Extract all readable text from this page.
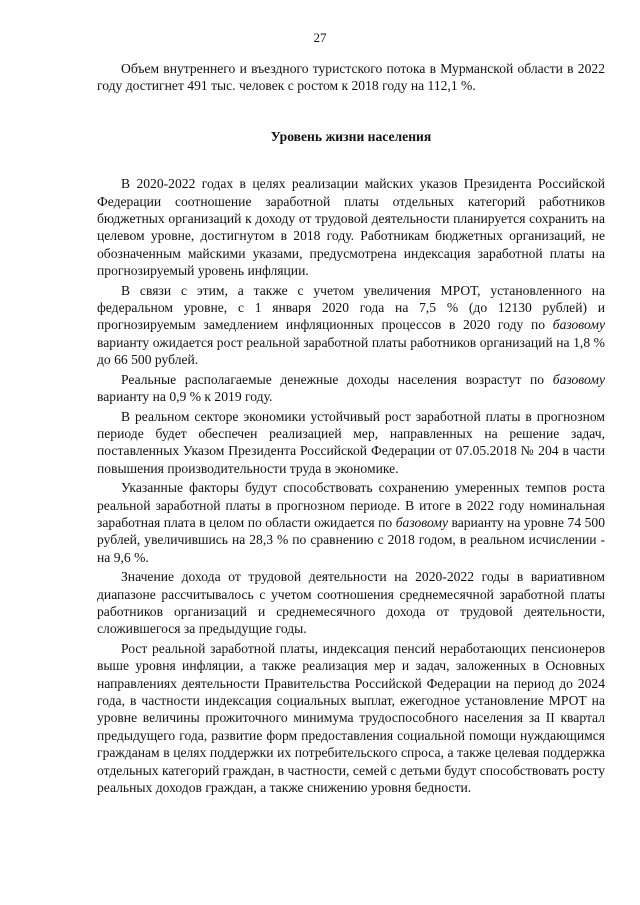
27

Объем внутреннего и въездного туристского потока в Мурманской области в 2022 году достигнет 491 тыс. человек с ростом к 2018 году на 112,1 %.

Уровень жизни населения

В 2020-2022 годах в целях реализации майских указов Президента Российской Федерации соотношение заработной платы отдельных категорий работников бюджетных организаций к доходу от трудовой деятельности планируется сохранить на целевом уровне, достигнутом в 2018 году. Работникам бюджетных организаций, не обозначенным майскими указами, предусмотрена индексация заработной платы на прогнозируемый уровень инфляции.

В связи с этим, а также с учетом увеличения МРОТ, установленного на федеральном уровне, с 1 января 2020 года на 7,5 % (до 12130 рублей) и прогнозируемым замедлением инфляционных процессов в 2020 году по базовому варианту ожидается рост реальной заработной платы работников организаций на 1,8 % до 66 500 рублей.

Реальные располагаемые денежные доходы населения возрастут по базовому варианту на 0,9 % к 2019 году.

В реальном секторе экономики устойчивый рост заработной платы в прогнозном периоде будет обеспечен реализацией мер, направленных на решение задач, поставленных Указом Президента Российской Федерации от 07.05.2018 № 204 в части повышения производительности труда в экономике.

Указанные факторы будут способствовать сохранению умеренных темпов роста реальной заработной платы в прогнозном периоде. В итоге в 2022 году номинальная заработная плата в целом по области ожидается по базовому варианту на уровне 74 500 рублей, увеличившись на 28,3 % по сравнению с 2018 годом, в реальном исчислении - на 9,6 %.

Значение дохода от трудовой деятельности на 2020-2022 годы в вариативном диапазоне рассчитывалось с учетом соотношения среднемесячной заработной платы работников организаций и среднемесячного дохода от трудовой деятельности, сложившегося за предыдущие годы.

Рост реальной заработной платы, индексация пенсий неработающих пенсионеров выше уровня инфляции, а также реализация мер и задач, заложенных в Основных направлениях деятельности Правительства Российской Федерации на период до 2024 года, в частности индексация социальных выплат, ежегодное установление МРОТ на уровне величины прожиточного минимума трудоспособного населения за II квартал предыдущего года, развитие форм предоставления социальной помощи нуждающимся гражданам в целях поддержки их потребительского спроса, а также целевая поддержка отдельных категорий граждан, в частности, семей с детьми будут способствовать росту реальных доходов граждан, а также снижению уровня бедности.
